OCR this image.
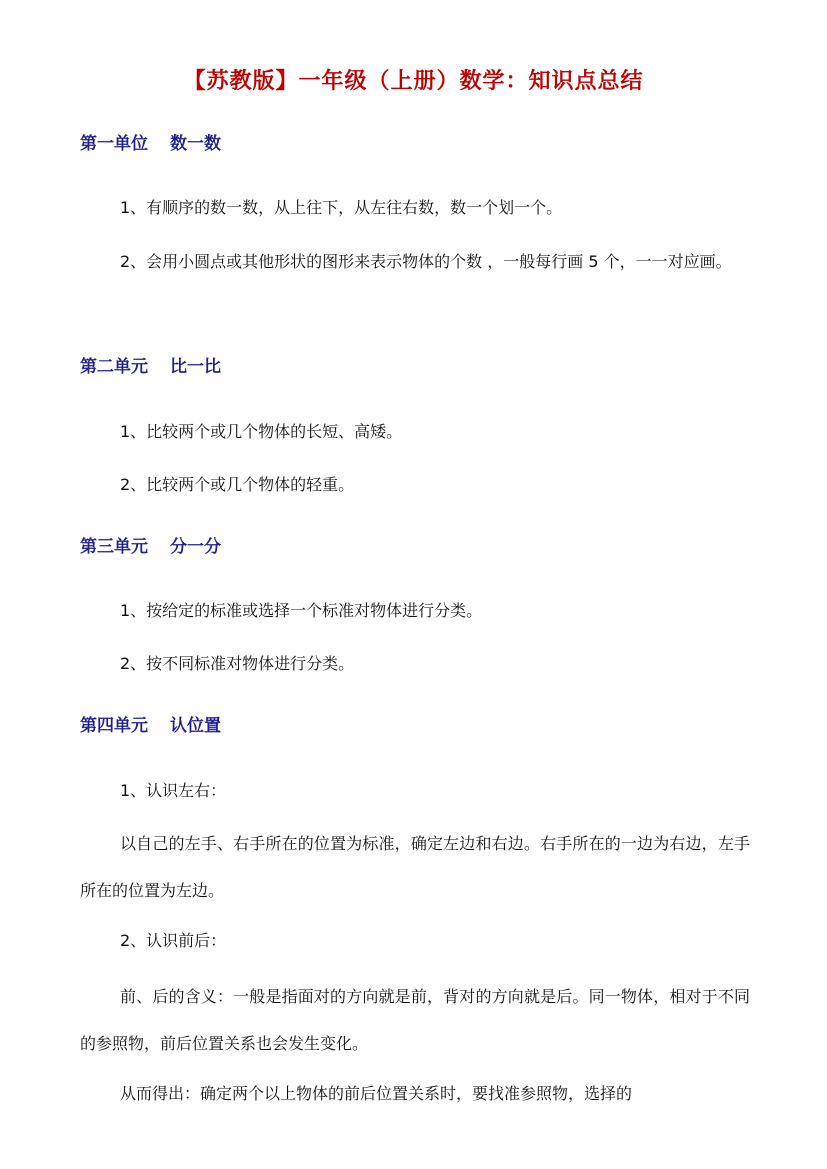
【苏教版】一年级（上册）数学：知识点总结
第一单位 数一数
1、有顺序的数一数，从上往下，从左往右数，数一个划一个。
2、会用小圆点或其他形状的图形来表示物体的个数 ，一般每行画 5 个，一一对应画。
第二单元 比一比
1、比较两个或几个物体的长短、高矮。
2、比较两个或几个物体的轻重。
第三单元 分一分
1、按给定的标准或选择一个标准对物体进行分类。
2、按不同标准对物体进行分类。
第四单元 认位置
1、认识左右：
以自己的左手、右手所在的位置为标准，确定左边和右边。右手所在的一边为右边，左手所在的位置为左边。
2、认识前后：
前、后的含义：一般是指面对的方向就是前，背对的方向就是后。同一物体，相对于不同的参照物，前后位置关系也会发生变化。
从而得出：确定两个以上物体的前后位置关系时，要找准参照物，选择的
